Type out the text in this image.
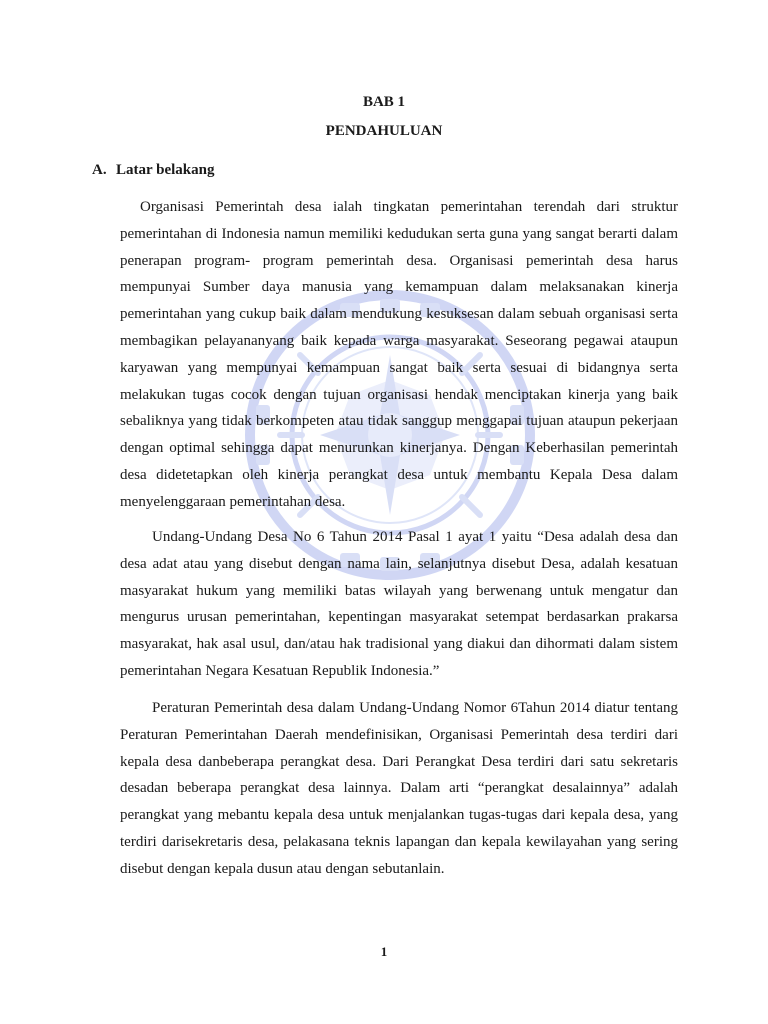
BAB 1
PENDAHULUAN
A. Latar belakang

Organisasi Pemerintah desa ialah tingkatan pemerintahan terendah dari struktur pemerintahan di Indonesia namun memiliki kedudukan serta guna yang sangat berarti dalam penerapan program- program pemerintah desa. Organisasi pemerintah desa harus mempunyai Sumber daya manusia yang kemampuan dalam melaksanakan kinerja pemerintahan yang cukup baik dalam mendukung kesuksesan dalam sebuah organisasi serta membagikan pelayananyang baik kepada warga masyarakat. Seseorang pegawai ataupun karyawan yang mempunyai kemampuan sangat baik serta sesuai di bidangnya serta melakukan tugas cocok dengan tujuan organisasi hendak menciptakan kinerja yang baik sebaliknya yang tidak berkompeten atau tidak sanggup menggapai tujuan ataupun pekerjaan dengan optimal sehingga dapat menurunkan kinerjanya. Dengan Keberhasilan pemerintah desa didetetapkan oleh kinerja perangkat desa untuk membantu Kepala Desa dalam menyelenggaraan pemerintahan desa.

Undang-Undang Desa No 6 Tahun 2014 Pasal 1 ayat 1 yaitu “Desa adalah desa dan desa adat atau yang disebut dengan nama lain, selanjutnya disebut Desa, adalah kesatuan masyarakat hukum yang memiliki batas wilayah yang berwenang untuk mengatur dan mengurus urusan pemerintahan, kepentingan masyarakat setempat berdasarkan prakarsa masyarakat, hak asal usul, dan/atau hak tradisional yang diakui dan dihormati dalam sistem pemerintahan Negara Kesatuan Republik Indonesia.”

Peraturan Pemerintah desa dalam Undang-Undang Nomor 6Tahun 2014 diatur tentang Peraturan Pemerintahan Daerah mendefinisikan, Organisasi Pemerintah desa terdiri dari kepala desa danbeberapa perangkat desa. Dari Perangkat Desa terdiri dari satu sekretaris desadan beberapa perangkat desa lainnya. Dalam arti “perangkat desalainnya” adalah perangkat yang mebantu kepala desa untuk menjalankan tugas-tugas dari kepala desa, yang terdiri darisekretaris desa, pelakasana teknis lapangan dan kepala kewilayahan yang sering disebut dengan kepala dusun atau dengan sebutanlain.

1
